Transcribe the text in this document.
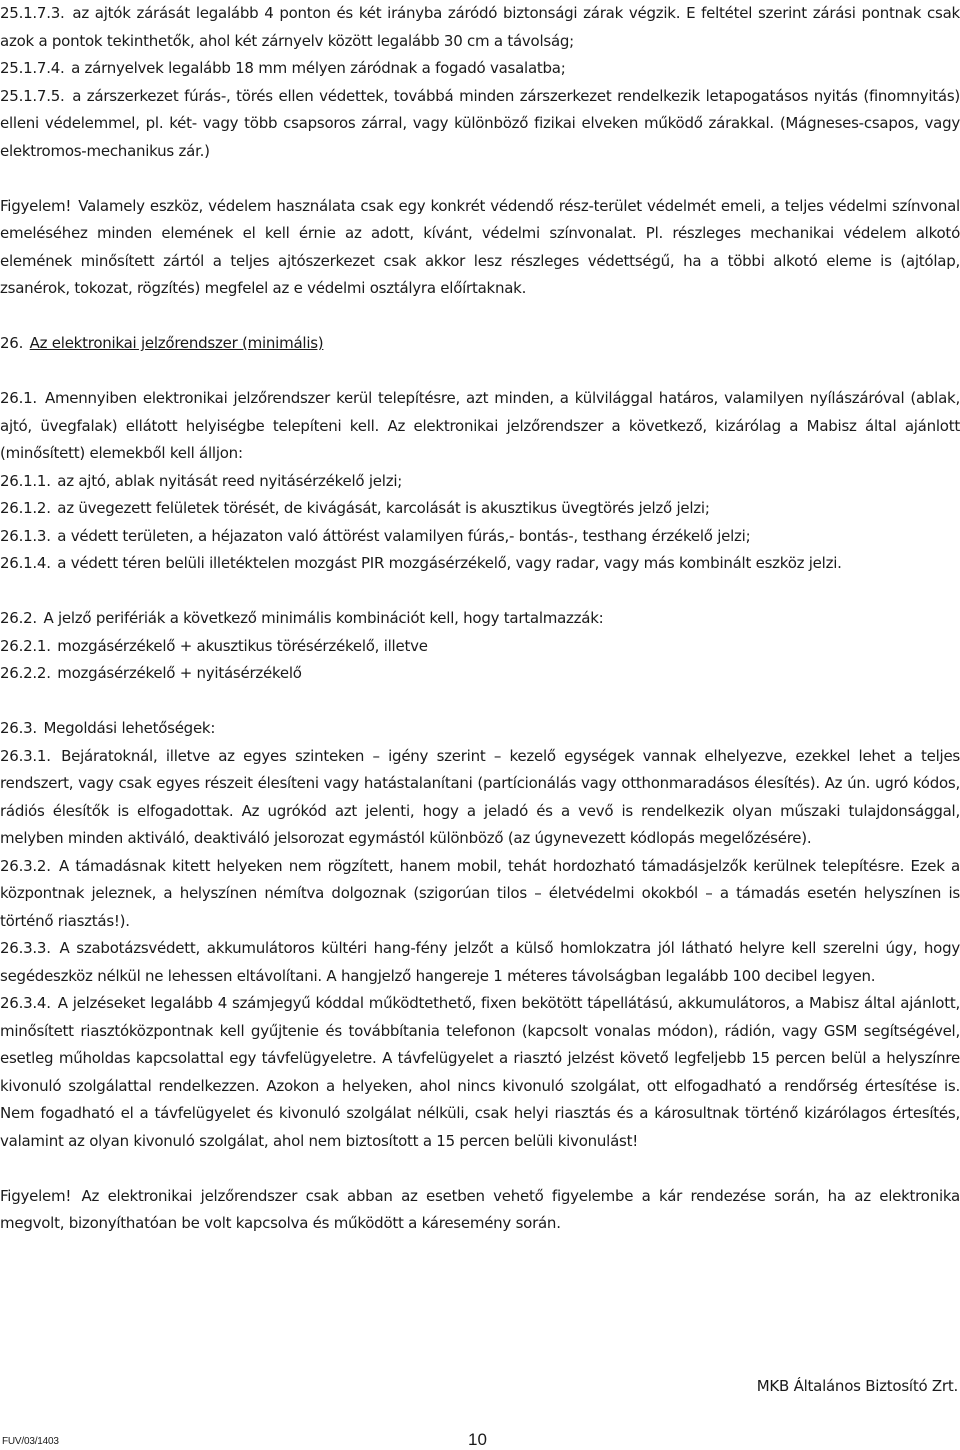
25.1.7.3. az ajtók zárását legalább 4 ponton és két irányba záródó biztonsági zárak végzik. E feltétel szerint zárási pontnak csak azok a pontok tekinthetők, ahol két zárnyelv között legalább 30 cm a távolság;

25.1.7.4. a zárnyelvek legalább 18 mm mélyen záródnak a fogadó vasalatba;

25.1.7.5. a zárszerkezet fúrás-, törés ellen védettek, továbbá minden zárszerkezet rendelkezik letapogatásos nyitás (finomnyitás) elleni védelemmel, pl. két- vagy több csapsoros zárral, vagy különböző fizikai elveken működő zárakkal. (Mágneses-csapos, vagy elektromos-mechanikus zár.)

Figyelem! Valamely eszköz, védelem használata csak egy konkrét védendő rész-terület védelmét emeli, a teljes védelmi színvonal emeléséhez minden elemének el kell érnie az adott, kívánt, védelmi színvonalat. Pl. részleges mechanikai védelem alkotó elemének minősített zártól a teljes ajtószerkezet csak akkor lesz részleges védettségű, ha a többi alkotó eleme is (ajtólap, zsanérok, tokozat, rögzítés) megfelel az e védelmi osztályra előírtaknak.

26. Az elektronikai jelzőrendszer (minimális)

26.1. Amennyiben elektronikai jelzőrendszer kerül telepítésre, azt minden, a külvilággal határos, valamilyen nyílászáróval (ablak, ajtó, üvegfalak) ellátott helyiségbe telepíteni kell. Az elektronikai jelzőrendszer a következő, kizárólag a Mabisz által ajánlott (minősített) elemekből kell álljon:

26.1.1. az ajtó, ablak nyitását reed nyitásérzékelő jelzi;

26.1.2. az üvegezett felületek törését, de kivágását, karcolását is akusztikus üvegtörés jelző jelzi;

26.1.3. a védett területen, a héjazaton való áttörést valamilyen fúrás,- bontás-, testhang érzékelő jelzi;

26.1.4. a védett téren belüli illetéktelen mozgást PIR mozgásérzékelő, vagy radar, vagy más kombinált eszköz jelzi.

26.2. A jelző perifériák a következő minimális kombinációt kell, hogy tartalmazzák:

26.2.1. mozgásérzékelő + akusztikus törésérzékelő, illetve

26.2.2. mozgásérzékelő + nyitásérzékelő

26.3. Megoldási lehetőségek:

26.3.1. Bejáratoknál, illetve az egyes szinteken – igény szerint – kezelő egységek vannak elhelyezve, ezekkel lehet a teljes rendszert, vagy csak egyes részeit élesíteni vagy hatástalanítani (partícionálás vagy otthonmaradásos élesítés). Az ún. ugró kódos, rádiós élesítők is elfogadottak. Az ugrókód azt jelenti, hogy a jeladó és a vevő is rendelkezik olyan műszaki tulajdonsággal, melyben minden aktiváló, deaktiváló jelsorozat egymástól különböző (az úgynevezett kódlopás megelőzésére).

26.3.2. A támadásnak kitett helyeken nem rögzített, hanem mobil, tehát hordozható támadásjelzők kerülnek telepítésre. Ezek a központnak jeleznek, a helyszínen némítva dolgoznak (szigorúan tilos – életvédelmi okokból – a támadás esetén helyszínen is történő riasztás!).

26.3.3. A szabotázsvédett, akkumulátoros kültéri hang-fény jelzőt a külső homlokzatra jól látható helyre kell szerelni úgy, hogy segédeszköz nélkül ne lehessen eltávolítani. A hangjelző hangereje 1 méteres távolságban legalább 100 decibel legyen.

26.3.4. A jelzéseket legalább 4 számjegyű kóddal működtethető, fixen bekötött tápellátású, akkumulátoros, a Mabisz által ajánlott, minősített riasztóközpontnak kell gyűjtenie és továbbítania telefonon (kapcsolt vonalas módon), rádión, vagy GSM segítségével, esetleg műholdas kapcsolattal egy távfelügyeletre. A távfelügyelet a riasztó jelzést követő legfeljebb 15 percen belül a helyszínre kivonuló szolgálattal rendelkezzen. Azokon a helyeken, ahol nincs kivonuló szolgálat, ott elfogadható a rendőrség értesítése is. Nem fogadható el a távfelügyelet és kivonuló szolgálat nélküli, csak helyi riasztás és a károsultnak történő kizárólagos értesítés, valamint az olyan kivonuló szolgálat, ahol nem biztosított a 15 percen belüli kivonulást!

Figyelem! Az elektronikai jelzőrendszer csak abban az esetben vehető figyelembe a kár rendezése során, ha az elektronika megvolt, bizonyíthatóan be volt kapcsolva és működött a káresemény során.

MKB Általános Biztosító Zrt.
FUV/03/1403	10
